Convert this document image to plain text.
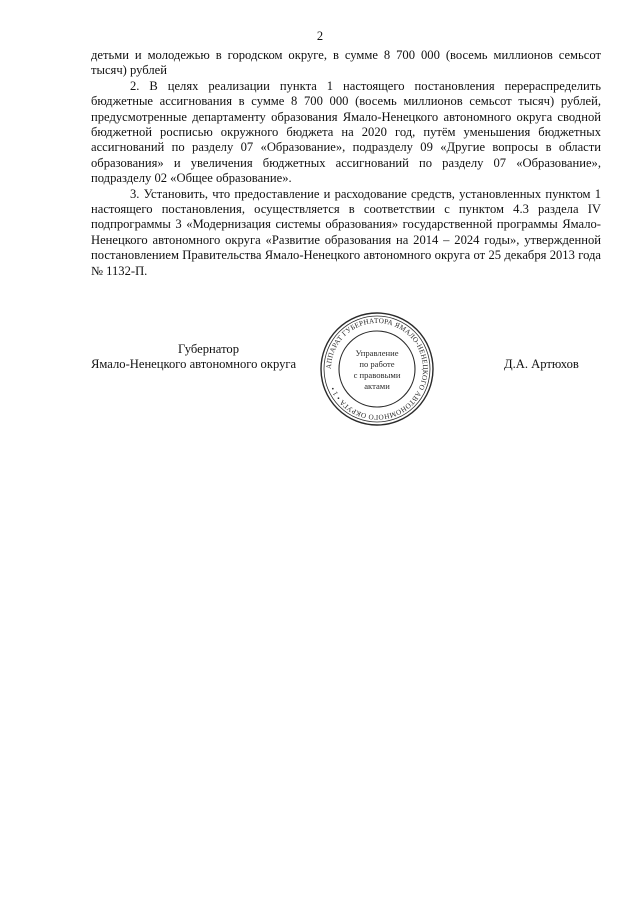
2

детьми и молодежью в городском округе, в сумме 8 700 000 (восемь миллионов семьсот тысяч) рублей

2. В целях реализации пункта 1 настоящего постановления перераспределить бюджетные ассигнования в сумме 8 700 000 (восемь миллионов семьсот тысяч) рублей, предусмотренные департаменту образования Ямало-Ненецкого автономного округа сводной бюджетной росписью окружного бюджета на 2020 год, путём уменьшения бюджетных ассигнований по разделу 07 «Образование», подразделу 09 «Другие вопросы в области образования» и увеличения бюджетных ассигнований по разделу 07 «Образование», подразделу 02 «Общее образование».

3. Установить, что предоставление и расходование средств, установленных пунктом 1 настоящего постановления, осуществляется в соответствии с пунктом 4.3 раздела IV подпрограммы 3 «Модернизация системы образования» государственной программы Ямало-Ненецкого автономного округа «Развитие образования на 2014 – 2024 годы», утвержденной постановлением Правительства Ямало-Ненецкого автономного округа от 25 декабря 2013 года № 1132-П.

Губернатор
Ямало-Ненецкого автономного округа	Д.А. Артюхов
АППАРАТ ГУБЕРНАТОРА ЯМАЛО-НЕНЕЦКОГО АВТОНОМНОГО ОКРУГА • 1 •
Управление
по работе
с правовыми
актами
